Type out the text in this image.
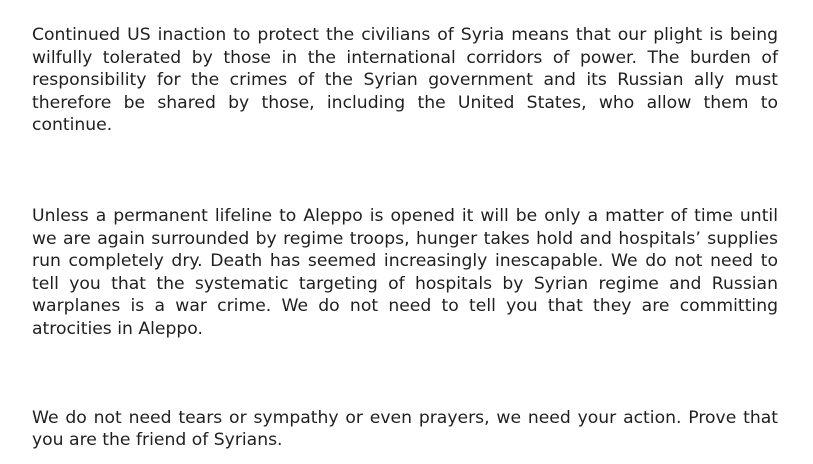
Continued US inaction to protect the civilians of Syria means that our plight is being wilfully tolerated by those in the international corridors of power. The burden of responsibility for the crimes of the Syrian government and its Russian ally must therefore be shared by those, including the United States, who allow them to continue.

Unless a permanent lifeline to Aleppo is opened it will be only a matter of time until we are again surrounded by regime troops, hunger takes hold and hospitals’ supplies run completely dry. Death has seemed increasingly inescapable. We do not need to tell you that the systematic targeting of hospitals by Syrian regime and Russian warplanes is a war crime. We do not need to tell you that they are committing atrocities in Aleppo.

We do not need tears or sympathy or even prayers, we need your action. Prove that you are the friend of Syrians.
